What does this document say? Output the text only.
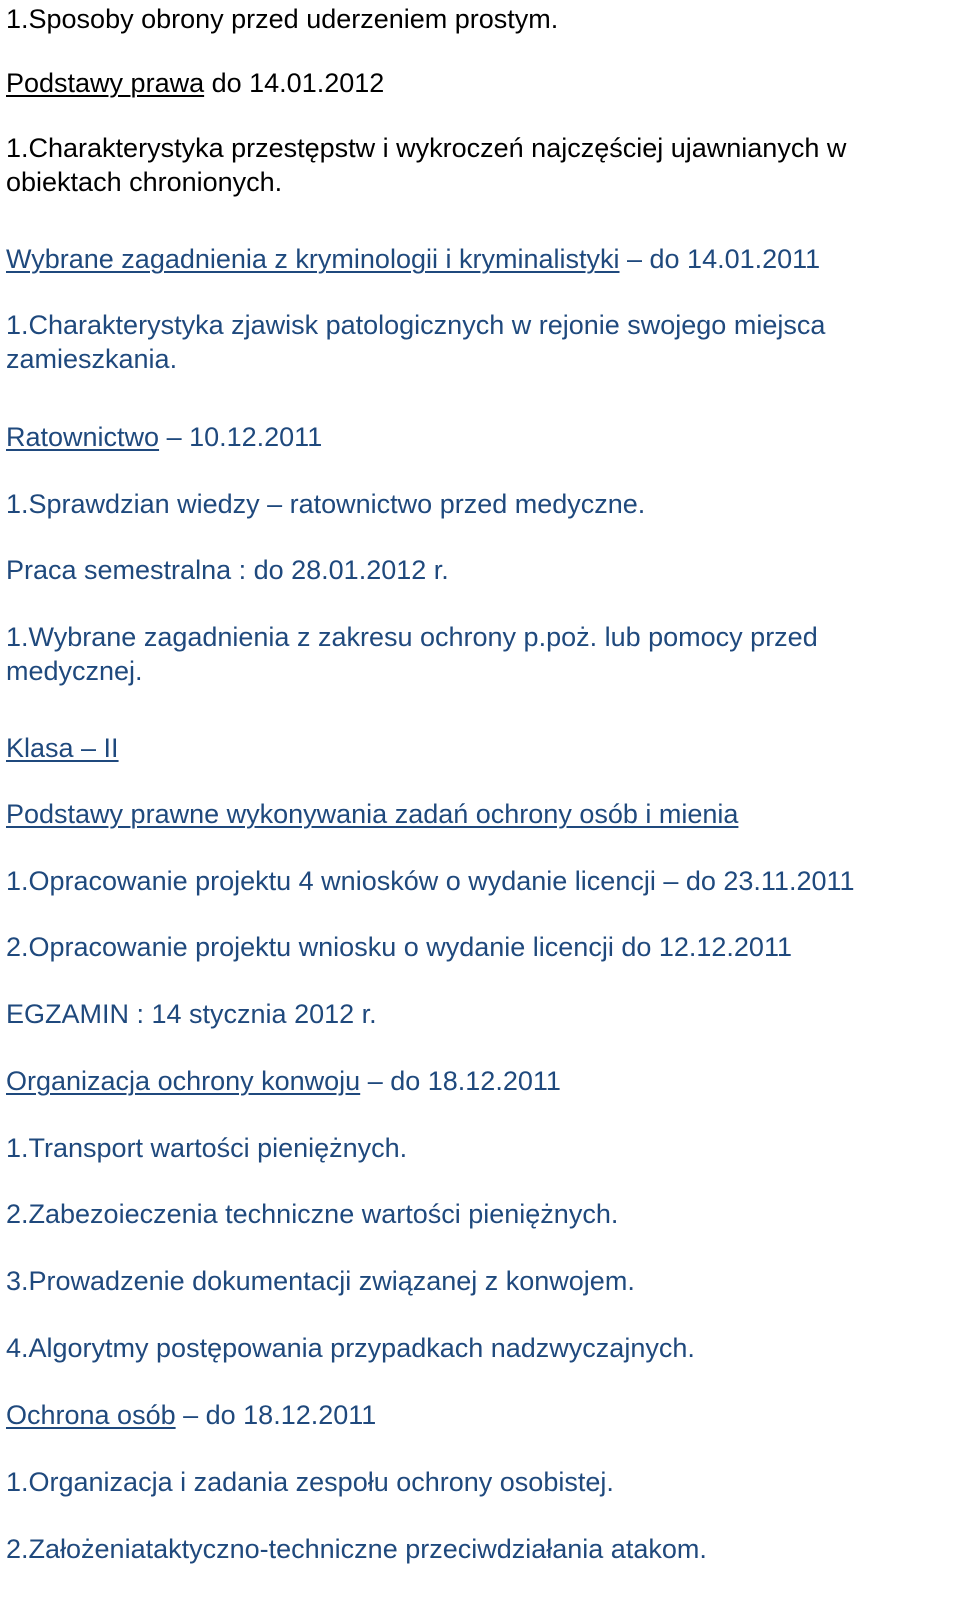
1.Sposoby obrony przed uderzeniem prostym.

Podstawy prawa do 14.01.2012

1.Charakterystyka przestępstw i wykroczeń najczęściej ujawnianych w obiektach chronionych.

Wybrane zagadnienia z kryminologii i kryminalistyki – do 14.01.2011

1.Charakterystyka zjawisk patologicznych w rejonie swojego miejsca zamieszkania.

Ratownictwo – 10.12.2011

1.Sprawdzian wiedzy – ratownictwo przed medyczne.

Praca semestralna : do 28.01.2012 r.

1.Wybrane zagadnienia z zakresu ochrony p.poż. lub pomocy przed medycznej.

Klasa – II

Podstawy prawne wykonywania zadań ochrony osób i mienia

1.Opracowanie projektu 4 wniosków o wydanie licencji – do 23.11.2011

2.Opracowanie projektu wniosku o wydanie licencji do 12.12.2011

EGZAMIN : 14 stycznia 2012 r.

Organizacja ochrony konwoju – do 18.12.2011

1.Transport wartości pieniężnych.

2.Zabezoieczenia techniczne wartości pieniężnych.

3.Prowadzenie dokumentacji związanej z konwojem.

4.Algorytmy postępowania przypadkach nadzwyczajnych.

Ochrona osób – do 18.12.2011

1.Organizacja i zadania zespołu ochrony osobistej.

2.Założeniataktyczno-techniczne przeciwdziałania atakom.
